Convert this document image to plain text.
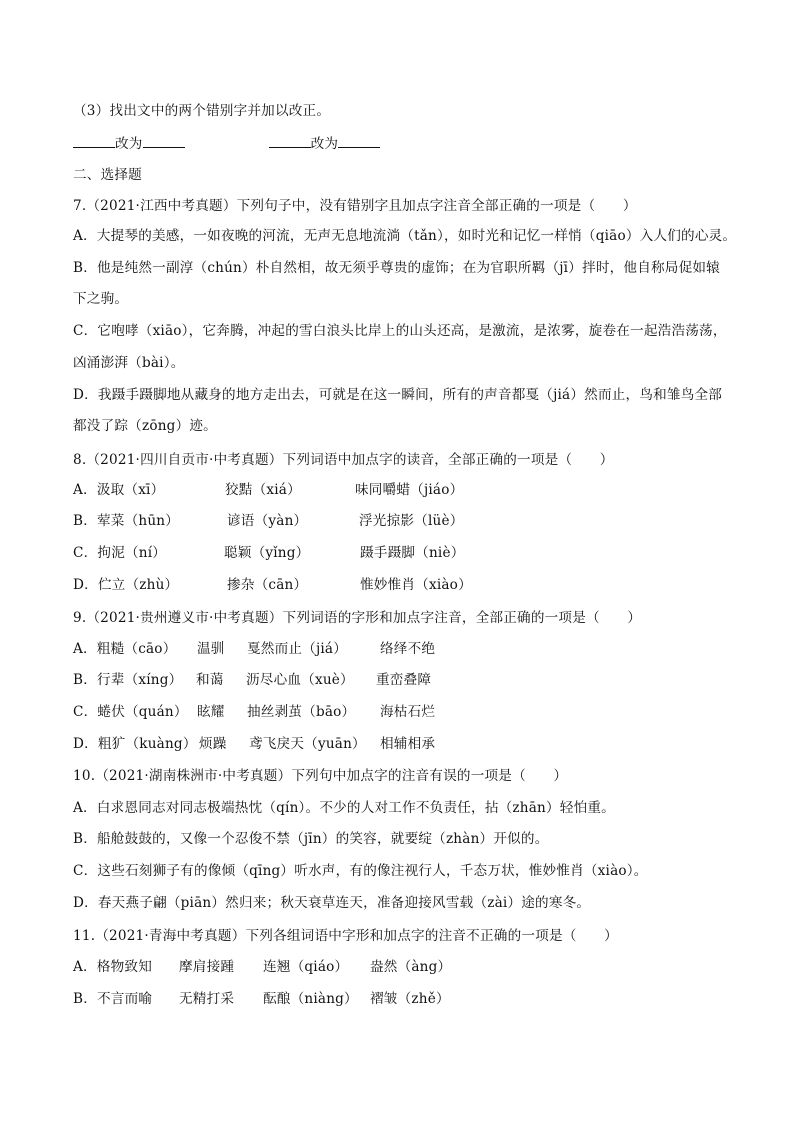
（3）找出文中的两个错别字并加以改正。
改为	改为
二、选择题
7.（2021·江西中考真题）下列句子中，没有错别字且加点字注音全部正确的一项是（　　）
A．大提琴的美感，一如夜晚的河流，无声无息地流淌（tǎn），如时光和记忆一样悄（qiāo）入人们的心灵。
B．他是纯然一副淳（chún）朴自然相，故无须乎尊贵的虚饰；在为官职所羁（jī）拌时，他自称局促如辕
下之驹。
C．它咆哮（xiāo），它奔腾，冲起的雪白浪头比岸上的山头还高，是激流，是浓雾，旋卷在一起浩浩荡荡，
凶涌澎湃（bài）。
D．我蹑手蹑脚地从藏身的地方走出去，可就是在这一瞬间，所有的声音都戛（jiá）然而止，鸟和雏鸟全部
都没了踪（zōng）迹。
8.（2021·四川自贡市·中考真题）下列词语中加点字的读音，全部正确的一项是（　　）
A．汲取（xī）	狡黠（xiá）	味同嚼蜡（jiáo）
B．荤菜（hūn）	谚语（yàn）	浮光掠影（lüè）
C．拘泥（ní）	聪颖（yǐng）	蹑手蹑脚（niè）
D．伫立（zhù）	掺杂（cān）	惟妙惟肖（xiào）
9.（2021·贵州遵义市·中考真题）下列词语的字形和加点字注音，全部正确的一项是（　　）
A．粗糙（cāo） 温驯 戛然而止（jiá） 络绎不绝
B．行辈（xíng） 和蔼 沥尽心血（xuè） 重峦叠障
C．蜷伏（quán） 眩耀 抽丝剥茧（bāo） 海枯石烂
D．粗犷（kuàng） 烦躁 鸢飞戾天（yuān） 相辅相承
10.（2021·湖南株洲市·中考真题）下列句中加点字的注音有误的一项是（　　）
A．白求恩同志对同志极端热忱（qín）。不少的人对工作不负责任，拈（zhān）轻怕重。
B．船舱鼓鼓的，又像一个忍俊不禁（jīn）的笑容，就要绽（zhàn）开似的。
C．这些石刻狮子有的像倾（qīng）听水声，有的像注视行人，千态万状，惟妙惟肖（xiào）。
D．春天燕子翩（piān）然归来；秋天衰草连天，准备迎接风雪载（zài）途的寒冬。
11.（2021·青海中考真题）下列各组词语中字形和加点字的注音不正确的一项是（　　）
A．格物致知 摩肩接踵 连翘（qiáo） 盎然（àng）
B．不言而喻 无精打采 酝酿（niàng） 褶皱（zhě）
